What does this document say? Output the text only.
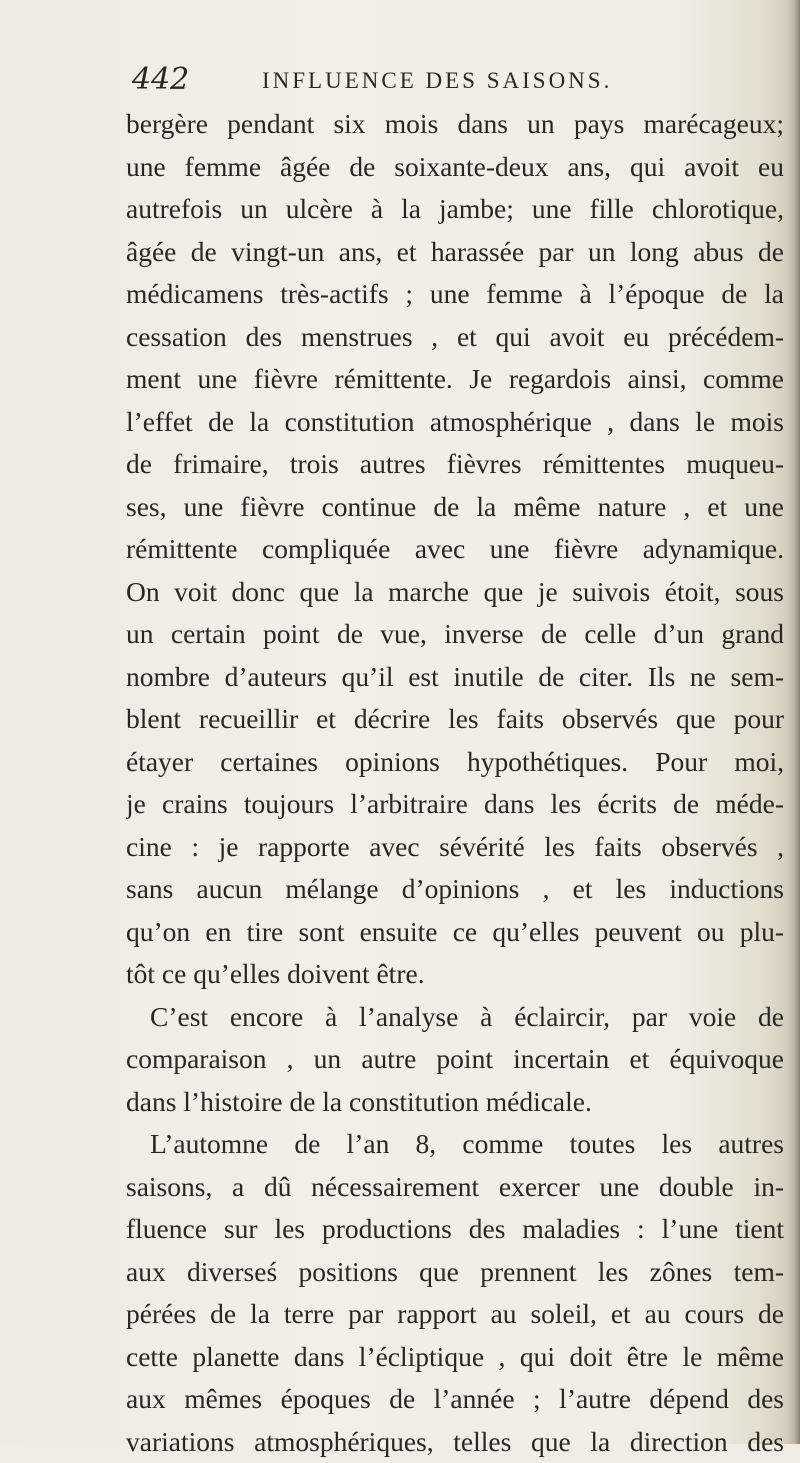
442	INFLUENCE DES SAISONS.
bergère pendant six mois dans un pays marécageux;
une femme âgée de soixante-deux ans, qui avoit eu
autrefois un ulcère à la jambe; une fille chlorotique,
âgée de vingt-un ans, et harassée par un long abus de
médicamens très-actifs ; une femme à l’époque de la
cessation des menstrues , et qui avoit eu précédem-
ment une fièvre rémittente. Je regardois ainsi, comme
l’effet de la constitution atmosphérique , dans le mois
de frimaire, trois autres fièvres rémittentes muqueu-
ses, une fièvre continue de la même nature , et une
rémittente compliquée avec une fièvre adynamique.
On voit donc que la marche que je suivois étoit, sous
un certain point de vue, inverse de celle d’un grand
nombre d’auteurs qu’il est inutile de citer. Ils ne sem-
blent recueillir et décrire les faits observés que pour
étayer certaines opinions hypothétiques. Pour moi,
je crains toujours l’arbitraire dans les écrits de méde-
cine : je rapporte avec sévérité les faits observés ,
sans aucun mélange d’opinions , et les inductions
qu’on en tire sont ensuite ce qu’elles peuvent ou plu-
tôt ce qu’elles doivent être.
C’est encore à l’analyse à éclaircir, par voie de
comparaison , un autre point incertain et équivoque
dans l’histoire de la constitution médicale.
L’automne de l’an 8, comme toutes les autres
saisons, a dû nécessairement exercer une double in-
fluence sur les productions des maladies : l’une tient
aux diverseś positions que prennent les zônes tem-
pérées de la terre par rapport au soleil, et au cours de
cette planette dans l’écliptique , qui doit être le même
aux mêmes époques de l’année ; l’autre dépend des
variations atmosphériques, telles que la direction des
